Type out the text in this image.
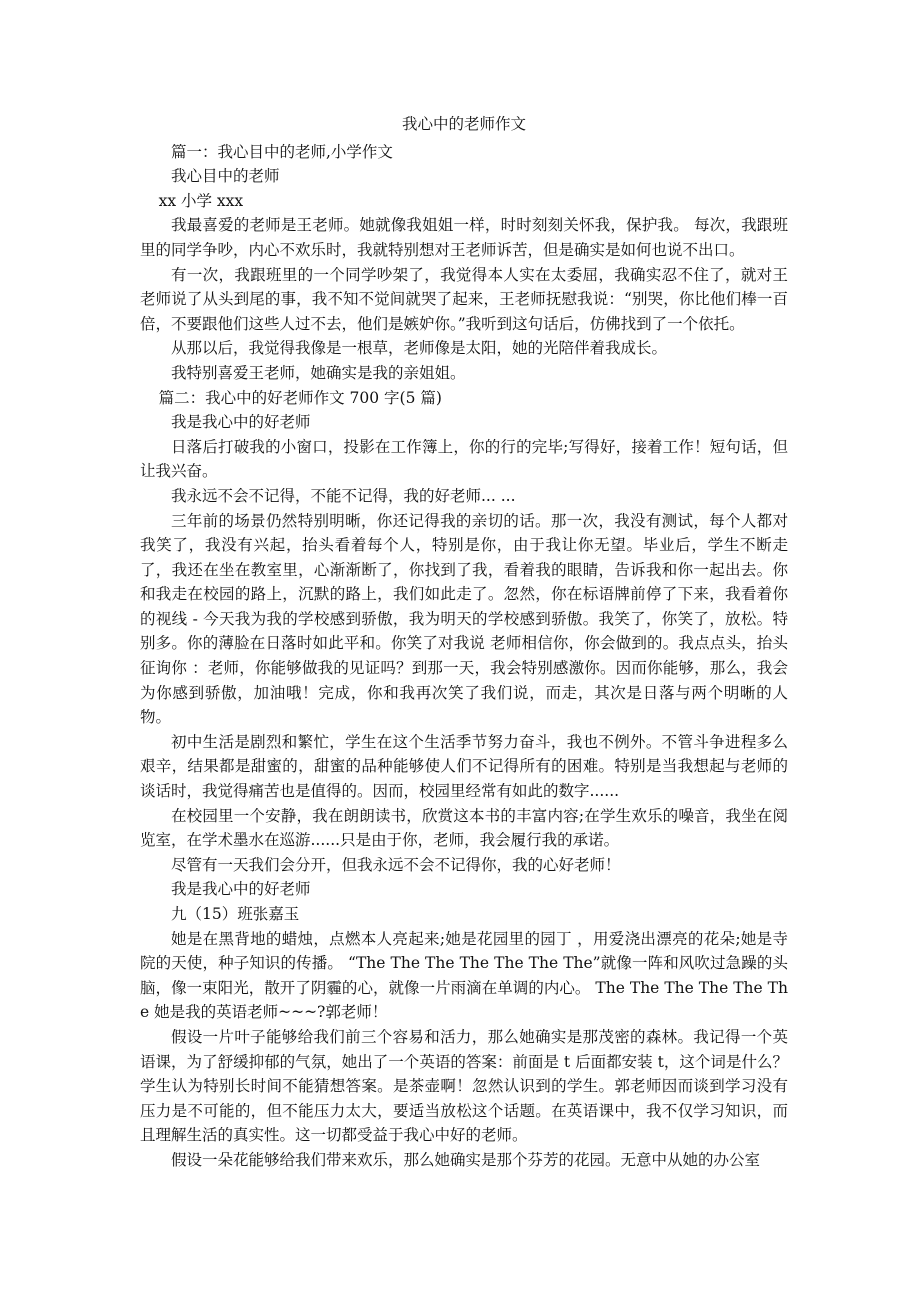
我心中的老师作文

篇一：我心目中的老师,小学作文

我心目中的老师

xx 小学 xxx

我最喜爱的老师是王老师。她就像我姐姐一样，时时刻刻关怀我，保护我。 每次，我跟班里的同学争吵，内心不欢乐时，我就特别想对王老师诉苦，但是确实是如何也说不出口。

有一次，我跟班里的一个同学吵架了，我觉得本人实在太委屈，我确实忍不住了，就对王老师说了从头到尾的事，我不知不觉间就哭了起来，王老师抚慰我说：“别哭，你比他们棒一百倍，不要跟他们这些人过不去，他们是嫉妒你。”我听到这句话后，仿佛找到了一个依托。

从那以后，我觉得我像是一根草，老师像是太阳，她的光陪伴着我成长。

我特别喜爱王老师，她确实是我的亲姐姐。

篇二：我心中的好老师作文 700 字(5 篇)

我是我心中的好老师

日落后打破我的小窗口，投影在工作簿上，你的行的完毕;写得好，接着工作！短句话，但让我兴奋。

我永远不会不记得，不能不记得，我的好老师... ...

三年前的场景仍然特别明晰，你还记得我的亲切的话。那一次，我没有测试，每个人都对我笑了，我没有兴起，抬头看着每个人，特别是你，由于我让你无望。毕业后，学生不断走了，我还在坐在教室里，心渐渐断了，你找到了我，看着我的眼睛，告诉我和你一起出去。你和我走在校园的路上，沉默的路上，我们如此走了。忽然，你在标语牌前停了下来，我看着你的视线 - 今天我为我的学校感到骄傲，我为明天的学校感到骄傲。我笑了，你笑了，放松。特别多。你的薄脸在日落时如此平和。你笑了对我说 老师相信你，你会做到的。我点点头，抬头征询你 ：老师，你能够做我的见证吗？到那一天，我会特别感激你。因而你能够，那么，我会为你感到骄傲，加油哦！完成，你和我再次笑了我们说，而走，其次是日落与两个明晰的人物。

初中生活是剧烈和繁忙，学生在这个生活季节努力奋斗，我也不例外。不管斗争进程多么艰辛，结果都是甜蜜的，甜蜜的品种能够使人们不记得所有的困难。特别是当我想起与老师的谈话时，我觉得痛苦也是值得的。因而，校园里经常有如此的数字......

在校园里一个安静，我在朗朗读书，欣赏这本书的丰富内容;在学生欢乐的噪音，我坐在阅览室，在学术墨水在巡游......只是由于你，老师，我会履行我的承诺。

尽管有一天我们会分开，但我永远不会不记得你，我的心好老师！

我是我心中的好老师

九（15）班张嘉玉

她是在黑背地的蜡烛，点燃本人亮起来;她是花园里的园丁 ，用爱浇出漂亮的花朵;她是寺院的天使，种子知识的传播。 “The The The The The The The”就像一阵和风吹过急躁的头脑，像一束阳光，散开了阴霾的心，就像一片雨滴在单调的内心。 The The The The The The 她是我的英语老师~~~?郭老师！

假设一片叶子能够给我们前三个容易和活力，那么她确实是那茂密的森林。我记得一个英语课，为了舒缓抑郁的气氛，她出了一个英语的答案：前面是 t 后面都安装 t，这个词是什么？学生认为特别长时间不能猜想答案。是茶壶啊！忽然认识到的学生。郭老师因而谈到学习没有压力是不可能的，但不能压力太大，要适当放松这个话题。在英语课中，我不仅学习知识，而且理解生活的真实性。这一切都受益于我心中好的老师。

假设一朵花能够给我们带来欢乐，那么她确实是那个芬芳的花园。无意中从她的办公室
